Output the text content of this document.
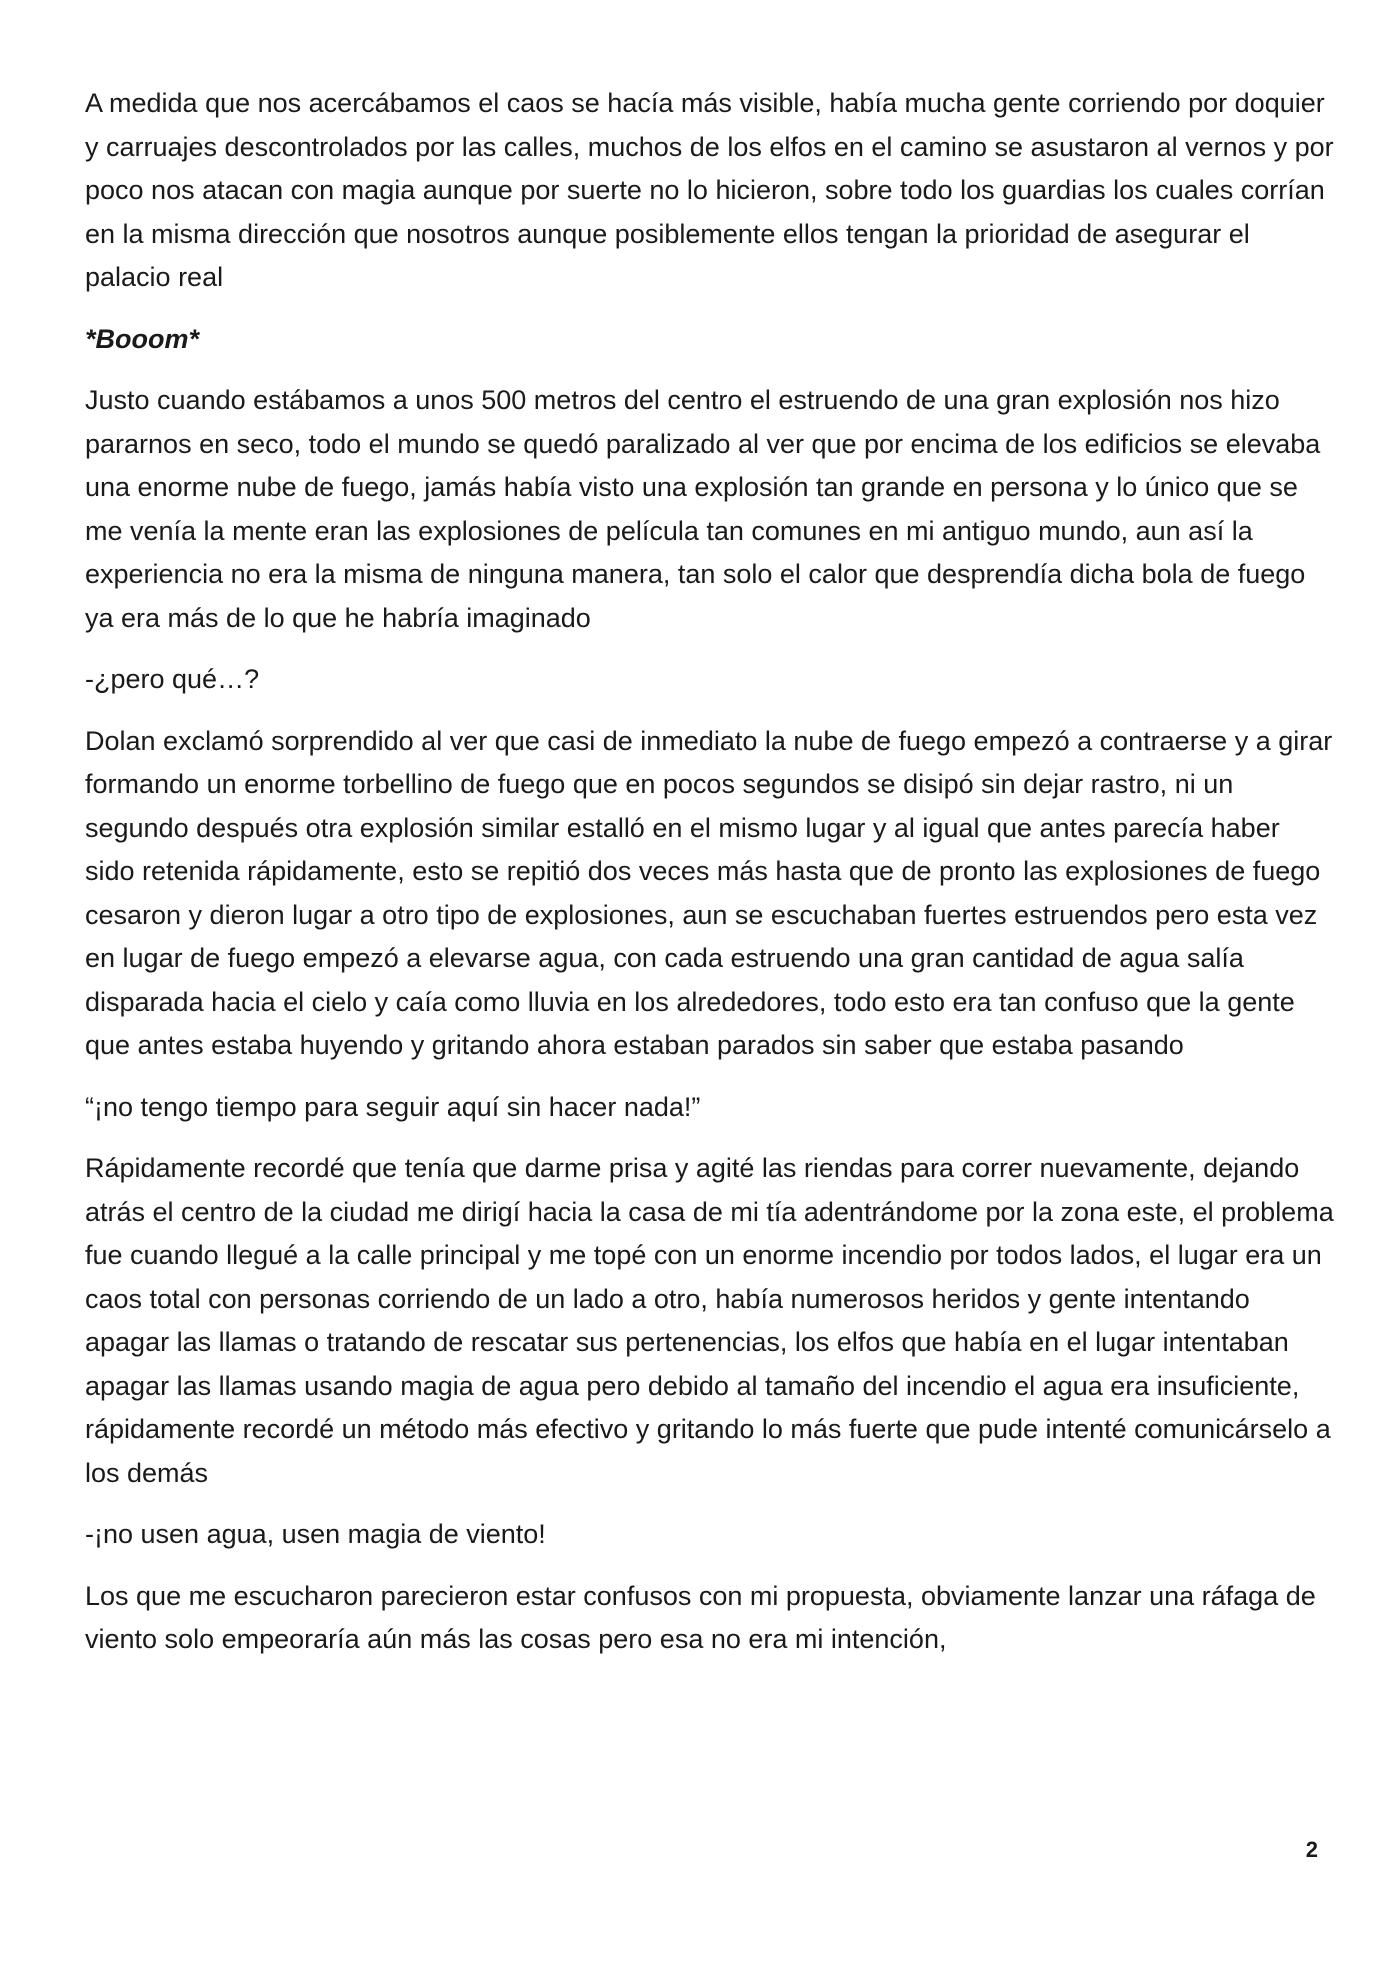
A medida que nos acercábamos el caos se hacía más visible, había mucha gente corriendo por doquier y carruajes descontrolados por las calles, muchos de los elfos en el camino se asustaron al vernos y por poco nos atacan con magia aunque por suerte no lo hicieron, sobre todo los guardias los cuales corrían en la misma dirección que nosotros aunque posiblemente ellos tengan la prioridad de asegurar el palacio real

*Booom*

Justo cuando estábamos a unos 500 metros del centro el estruendo de una gran explosión nos hizo pararnos en seco, todo el mundo se quedó paralizado al ver que por encima de los edificios se elevaba una enorme nube de fuego, jamás había visto una explosión tan grande en persona y lo único que se me venía la mente eran las explosiones de película tan comunes en mi antiguo mundo, aun así la experiencia no era la misma de ninguna manera, tan solo el calor que desprendía dicha bola de fuego ya era más de lo que he habría imaginado

-¿pero qué…?

Dolan exclamó sorprendido al ver que casi de inmediato la nube de fuego empezó a contraerse y a girar formando un enorme torbellino de fuego que en pocos segundos se disipó sin dejar rastro, ni un segundo después otra explosión similar estalló en el mismo lugar y al igual que antes parecía haber sido retenida rápidamente, esto se repitió dos veces más hasta que de pronto las explosiones de fuego cesaron y dieron lugar a otro tipo de explosiones, aun se escuchaban fuertes estruendos pero esta vez en lugar de fuego empezó a elevarse agua, con cada estruendo una gran cantidad de agua salía disparada hacia el cielo y caía como lluvia en los alrededores, todo esto era tan confuso que la gente que antes estaba huyendo y gritando ahora estaban parados sin saber que estaba pasando

“¡no tengo tiempo para seguir aquí sin hacer nada!”

Rápidamente recordé que tenía que darme prisa y agité las riendas para correr nuevamente, dejando atrás el centro de la ciudad me dirigí hacia la casa de mi tía adentrándome por la zona este, el problema fue cuando llegué a la calle principal y me topé con un enorme incendio por todos lados, el lugar era un caos total con personas corriendo de un lado a otro, había numerosos heridos y gente intentando apagar las llamas o tratando de rescatar sus pertenencias, los elfos que había en el lugar intentaban apagar las llamas usando magia de agua pero debido al tamaño del incendio el agua era insuficiente, rápidamente recordé un método más efectivo y gritando lo más fuerte que pude intenté comunicárselo a los demás

-¡no usen agua, usen magia de viento!

Los que me escucharon parecieron estar confusos con mi propuesta, obviamente lanzar una ráfaga de viento solo empeoraría aún más las cosas pero esa no era mi intención,

2
